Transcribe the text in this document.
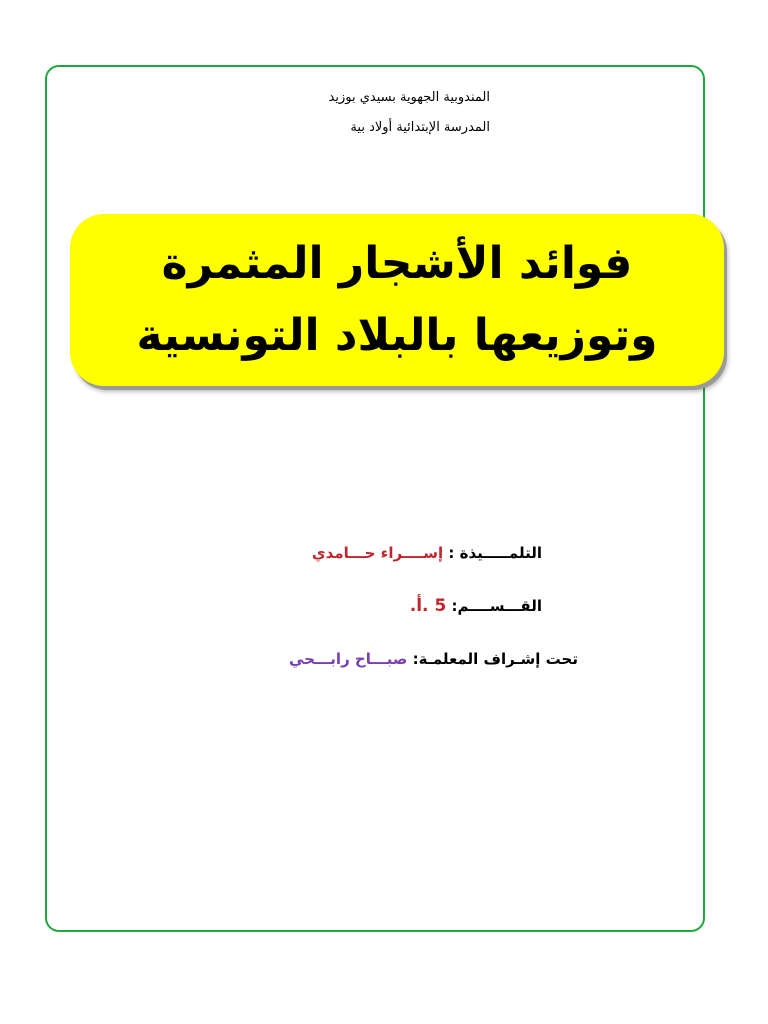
المندوبية الجهوية بسيدي بوزيد
المدرسة الإبتدائية أولاد بية
فوائد الأشجار المثمرة
وتوزيعها بالبلاد التونسية
التلمـــــيذة : إســــراء حـــامدي
القـــســــم: 5 .أ.
تحت إشـراف المعلمـة: صبـــاح رابـــحي
